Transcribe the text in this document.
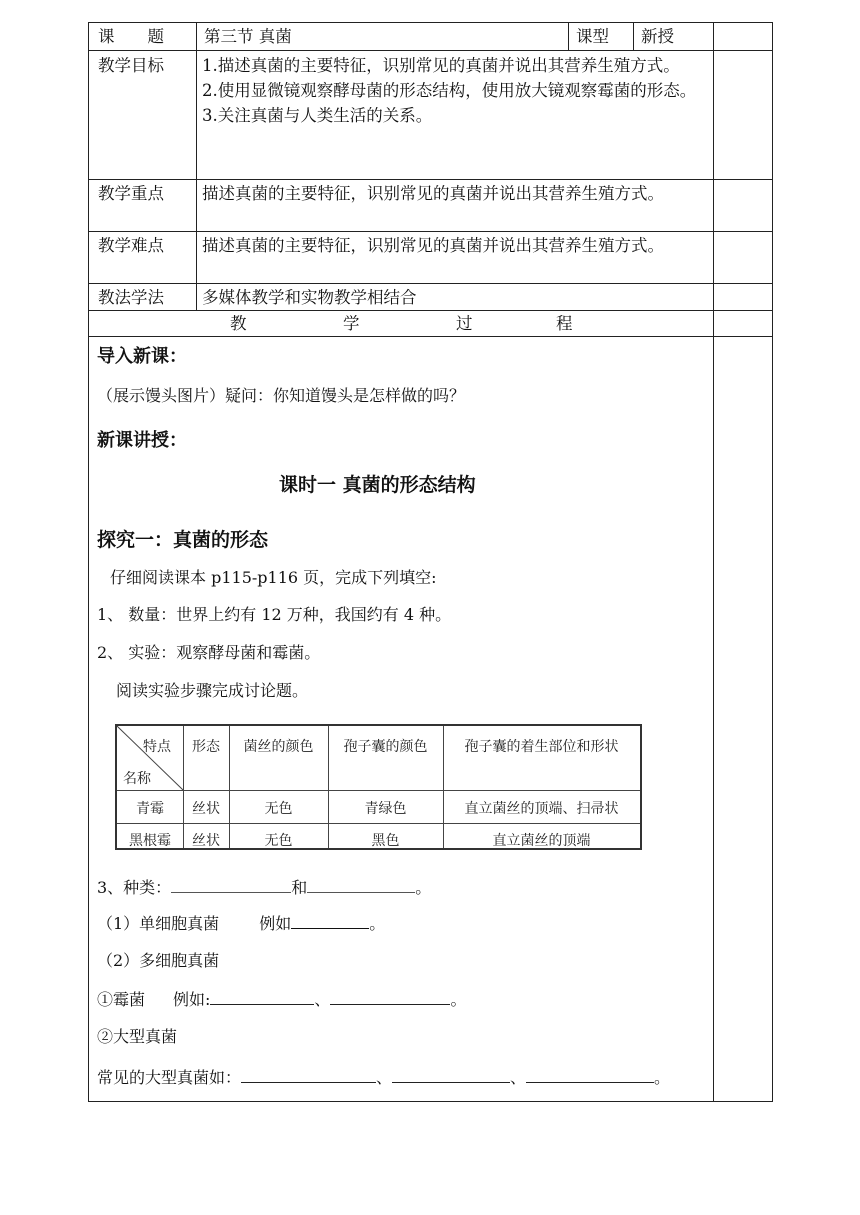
课　　题 第三节 真菌	课型 新授
教学目标 1.描述真菌的主要特征，识别常见的真菌并说出其营养生殖方式。
2.使用显微镜观察酵母菌的形态结构，使用放大镜观察霉菌的形态。
3.关注真菌与人类生活的关系。
教学重点 描述真菌的主要特征，识别常见的真菌并说出其营养生殖方式。
教学难点 描述真菌的主要特征，识别常见的真菌并说出其营养生殖方式。
教法学法 多媒体教学和实物教学相结合
教	学	过	程
导入新课：
（展示馒头图片）疑问：你知道馒头是怎样做的吗？
新课讲授：
课时一 真菌的形态结构
探究一：真菌的形态
仔细阅读课本 p115-p116 页，完成下列填空:
1、 数量：世界上约有 12 万种，我国约有 4 种。
2、 实验：观察酵母菌和霉菌。
阅读实验步骤完成讨论题。
特点
名称
形态	菌丝的颜色	孢子囊的颜色	孢子囊的着生部位和形状
青霉	丝状	无色	青绿色	直立菌丝的顶端、扫帚状
黑根霉	丝状	无色	黑色	直立菌丝的顶端
3、种类：	和	。
（1）单细胞真菌	例如	。
（2）多细胞真菌
①霉菌 例如:	、	。
②大型真菌
常见的大型真菌如：	、	、	。
